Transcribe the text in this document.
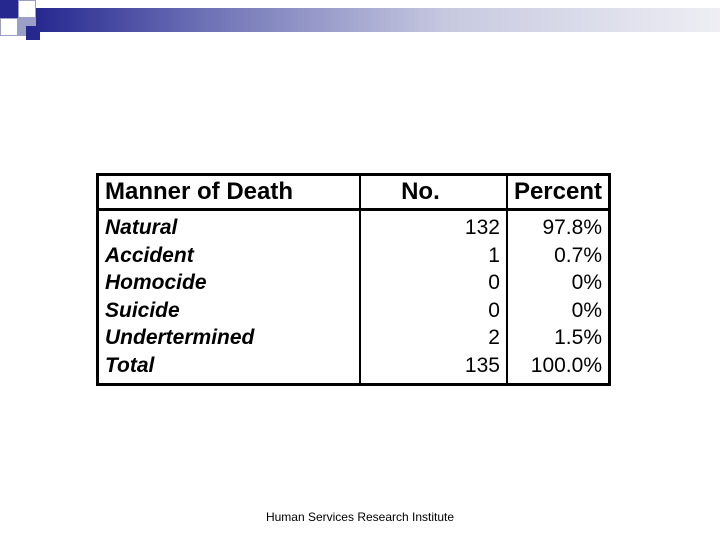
Manner of Death	No.	Percent
Natural	132	97.8%
Accident	1	0.7%
Homocide	0	0%
Suicide	0	0%
Undertermined	2	1.5%
Total	135	100.0%
Human Services Research Institute
